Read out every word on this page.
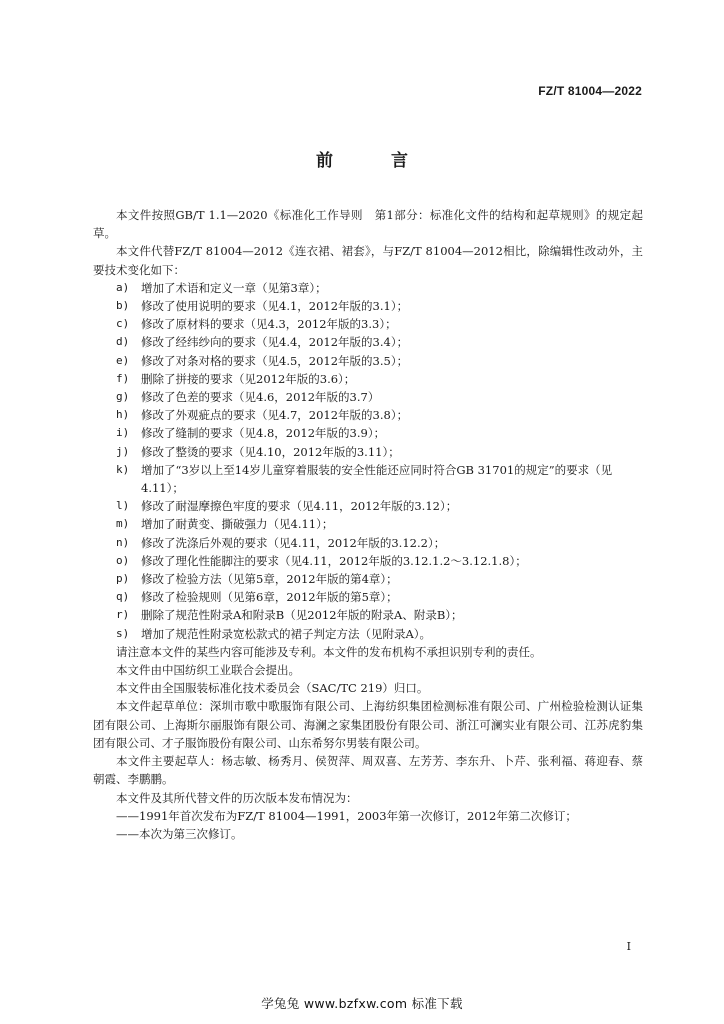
FZ/T 81004—2022
前 言

本文件按照GB/T 1.1—2020《标准化工作导则　第1部分：标准化文件的结构和起草规则》的规定起草。

本文件代替FZ/T 81004—2012《连衣裙、裙套》，与FZ/T 81004—2012相比，除编辑性改动外，主要技术变化如下：

a)	增加了术语和定义一章（见第3章）；
b)	修改了使用说明的要求（见4.1，2012年版的3.1）；
c)	修改了原材料的要求（见4.3，2012年版的3.3）；
d)	修改了经纬纱向的要求（见4.4，2012年版的3.4）；
e)	修改了对条对格的要求（见4.5，2012年版的3.5）；
f)	删除了拼接的要求（见2012年版的3.6）；
g)	修改了色差的要求（见4.6，2012年版的3.7）
h)	修改了外观疵点的要求（见4.7，2012年版的3.8）；
i)	修改了缝制的要求（见4.8，2012年版的3.9）；
j)	修改了整烫的要求（见4.10，2012年版的3.11）；
k)	增加了“3岁以上至14岁儿童穿着服装的安全性能还应同时符合GB 31701的规定”的要求（见4.11）；
l)	修改了耐湿摩擦色牢度的要求（见4.11，2012年版的3.12）；
m)	增加了耐黄变、撕破强力（见4.11）；
n)	修改了洗涤后外观的要求（见4.11，2012年版的3.12.2）；
o)	修改了理化性能脚注的要求（见4.11，2012年版的3.12.1.2～3.12.1.8）；
p)	修改了检验方法（见第5章，2012年版的第4章）；
q)	修改了检验规则（见第6章，2012年版的第5章）；
r)	删除了规范性附录A和附录B（见2012年版的附录A、附录B）；
s)	增加了规范性附录宽松款式的裙子判定方法（见附录A）。

请注意本文件的某些内容可能涉及专利。本文件的发布机构不承担识别专利的责任。

本文件由中国纺织工业联合会提出。

本文件由全国服装标准化技术委员会（SAC/TC 219）归口。

本文件起草单位：深圳市歌中歌服饰有限公司、上海纺织集团检测标准有限公司、广州检验检测认证集团有限公司、上海斯尔丽服饰有限公司、海澜之家集团股份有限公司、浙江可澜实业有限公司、江苏虎豹集团有限公司、才子服饰股份有限公司、山东希努尔男装有限公司。

本文件主要起草人：杨志敏、杨秀月、侯贺萍、周双喜、左芳芳、李东升、卜芹、张利福、蒋迎春、蔡朝霞、李鹏鹏。

本文件及其所代替文件的历次版本发布情况为：

——1991年首次发布为FZ/T 81004—1991，2003年第一次修订，2012年第二次修订；

——本次为第三次修订。

I
学兔兔 www.bzfxw.com 标准下载
